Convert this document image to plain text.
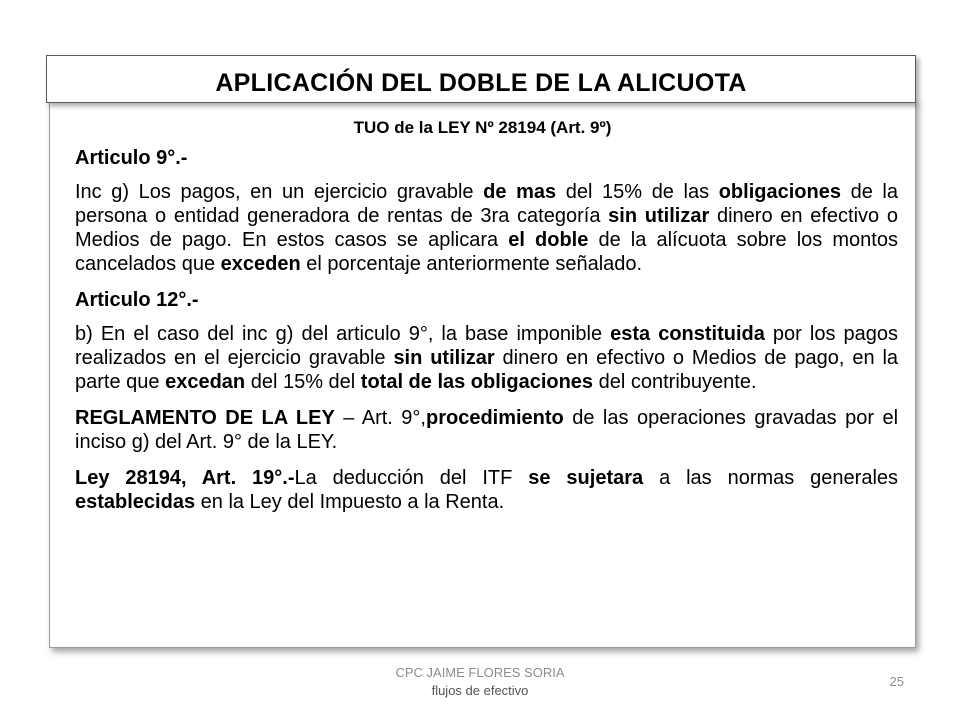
APLICACIÓN DEL DOBLE DE LA ALICUOTA
TUO de la LEY Nº 28194 (Art. 9º)

Articulo 9°.-

Inc g) Los pagos, en un ejercicio gravable de mas del 15% de las obligaciones de la persona o entidad generadora de rentas de 3ra categoría sin utilizar dinero en efectivo o Medios de pago. En estos casos se aplicara el doble de la alícuota sobre los montos cancelados que exceden el porcentaje anteriormente señalado.

Articulo 12°.-

b) En el caso del inc g) del articulo 9°, la base imponible esta constituida por los pagos realizados en el ejercicio gravable sin utilizar dinero en efectivo o Medios de pago, en la parte que excedan del 15% del total de las obligaciones del contribuyente.

REGLAMENTO DE LA LEY – Art. 9°,procedimiento de las operaciones gravadas por el inciso g) del Art. 9° de la LEY.

Ley 28194, Art. 19°.-La deducción del ITF se sujetara a las normas generales establecidas en la Ley del Impuesto a la Renta.

CPC JAIME FLORES SORIA
flujos de efectivo
25
